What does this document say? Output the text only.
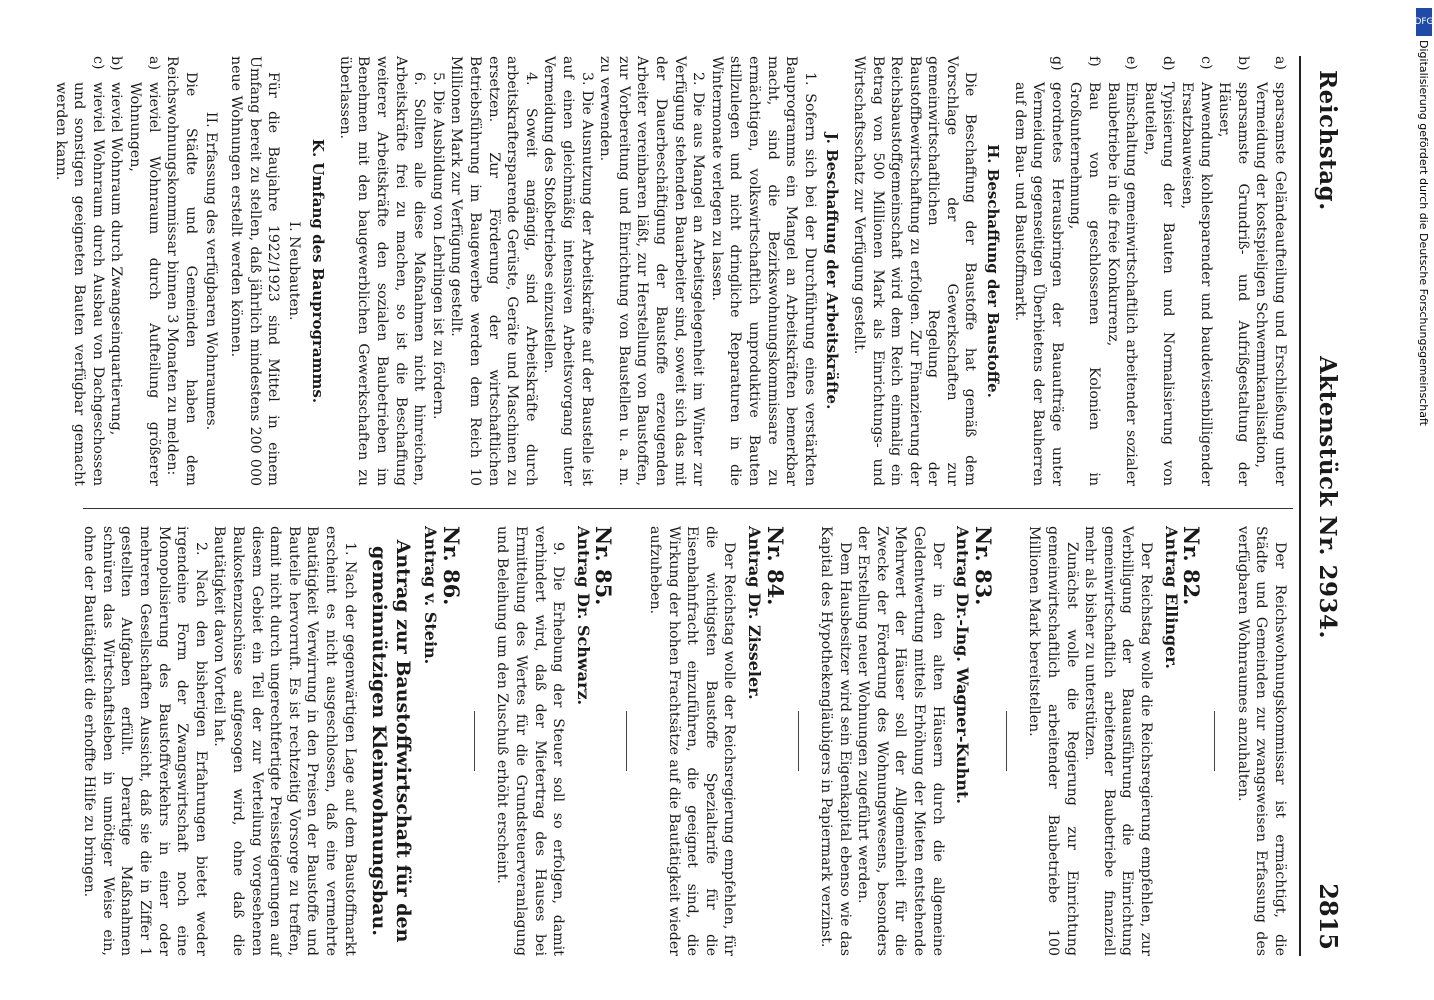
Reichstag.
Aktenstück Nr. 2934.
2815
a)
sparsamste Geländeaufteilung und Erschließung unter Vermeidung der kostspieligen Schwemmkanalisation,
b)
sparsamste Grundriß- und Aufrißgestaltung der Häuser,
c)
Anwendung kohlesparender und baudevisenbilligender Ersatzbauweisen,
d)
Typisierung der Bauten und Normalisierung von Bauteilen,
e)
Einschaltung gemeinwirtschaftlich arbeitender sozialer Baubetriebe in die freie Konkurrenz,
f)
Bau von geschlossenen Kolonien in Großunternehmung,
g)
geordnetes Herausbringen der Bauaufträge unter Vermeidung gegenseitigen Überbietens der Bauherren auf dem Bau- und Baustoffmarkt.
H. Beschaffung der Baustoffe.

Die Beschaffung der Baustoffe hat gemäß dem Vorschlage der Gewerkschaften zur gemeinwirtschaftlichen Regelung der Baustoffbewirtschaftung zu erfolgen. Zur Finanzierung der Reichsbaustoffgemeinschaft wird dem Reich einmalig ein Betrag von 500 Millionen Mark als Einrichtungs- und Wirtschaftsschatz zur Verfügung gestellt.

J. Beschaffung der Arbeitskräfte.

1. Sofern sich bei der Durchführung eines verstärkten Bauprogramms ein Mangel an Arbeitskräften bemerkbar macht, sind die Bezirkswohnungskommissare zu ermächtigen, volkswirtschaftlich unproduktive Bauten stillzulegen und nicht dringliche Reparaturen in die Wintermonate verlegen zu lassen.

2. Die aus Mangel an Arbeitsgelegenheit im Winter zur Verfügung stehenden Bauarbeiter sind, soweit sich das mit der Dauerbeschäftigung der Baustoffe erzeugenden Arbeiter vereinbaren läßt, zur Herstellung von Baustoffen, zur Vorbereitung und Einrichtung von Baustellen u. a. m. zu verwenden.

3. Die Ausnutzung der Arbeitskräfte auf der Baustelle ist auf einen gleichmäßig intensiven Arbeitsvorgang unter Vermeidung des Stoßbetriebes einzustellen.

4. Soweit angängig, sind Arbeitskräfte durch arbeitskraftersparende Gerüste, Geräte und Maschinen zu ersetzen. Zur Förderung der wirtschaftlichen Betriebsführung im Baugewerbe werden dem Reich 10 Millionen Mark zur Verfügung gestellt.

5. Die Ausbildung von Lehrlingen ist zu fördern.

6. Sollten alle diese Maßnahmen nicht hinreichen, Arbeitskräfte frei zu machen, so ist die Beschaffung weiterer Arbeitskräfte den sozialen Baubetrieben im Benehmen mit den baugewerblichen Gewerkschaften zu überlassen.

K. Umfang des Bauprogramms.
I. Neubauten.

Für die Baujahre 1922/1923 sind Mittel in einem Umfang bereit zu stellen, daß jährlich mindestens 200 000 neue Wohnungen erstellt werden können.

II. Erfassung des verfügbaren Wohnraumes.

Die Städte und Gemeinden haben dem Reichswohnungskommissar binnen 3 Monaten zu melden:

a)
wieviel Wohnraum durch Aufteilung größerer Wohnungen,
b)
wieviel Wohnraum durch Zwangseinquartierung,
c)
wieviel Wohnraum durch Ausbau von Dachgeschossen und sonstigen geeigneten Bauten verfügbar gemacht werden kann.

Der Reichswohnungskommissar ist ermächtigt, die Städte und Gemeinden zur zwangsweisen Erfassung des verfügbaren Wohnraumes anzuhalten.

Nr. 82.
Antrag Ellinger.

Der Reichstag wolle die Reichsregierung empfehlen, zur Verbilligung der Bauausführung die Einrichtung gemeinwirtschaftlich arbeitender Baubetriebe finanziell mehr als bisher zu unterstützen.

Zunächst wolle die Regierung zur Einrichtung gemeinwirtschaftlich arbeitender Baubetriebe 100 Millionen Mark bereitstellen.

Nr. 83.
Antrag Dr.-Ing. Wagner-Kuhnt.

Der in den alten Häusern durch die allgemeine Geldentwertung mittels Erhöhung der Mieten entstehende Mehrwert der Häuser soll der Allgemeinheit für die Zwecke der Förderung des Wohnungswesens, besonders der Erstellung neuer Wohnungen zugeführt werden.

Dem Hausbesitzer wird sein Eigenkapital ebenso wie das Kapital des Hypothekengläubigers in Papiermark verzinst.

Nr. 84.
Antrag Dr. Zisseler.

Der Reichstag wolle der Reichsregierung empfehlen, für die wichtigsten Baustoffe Spezialtarife für die Eisenbahnfracht einzuführen, die geeignet sind, die Wirkung der hohen Frachtsätze auf die Bautätigkeit wieder aufzuheben.

Nr. 85.
Antrag Dr. Schwarz.

9. Die Erhebung der Steuer soll so erfolgen, damit verhindert wird, daß der Mietertrag des Hauses bei Ermittelung des Wertes für die Grundsteuerveranlagung und Beleihung um den Zuschuß erhöht erscheint.

Nr. 86.
Antrag v. Stein.
Antrag zur Baustoffwirtschaft für den gemeinnützigen Kleinwohnungsbau.

1. Nach der gegenwärtigen Lage auf dem Baustoffmarkt erscheint es nicht ausgeschlossen, daß eine vermehrte Bautätigkeit Verwirrung in den Preisen der Baustoffe und Bauteile hervorruft. Es ist rechtzeitig Vorsorge zu treffen, damit nicht durch ungerechtfertigte Preissteigerungen auf diesem Gebiet ein Teil der zur Verteilung vorgesehenen Baukostenzuschüsse aufgesogen wird, ohne daß die Bautätigkeit davon Vorteil hat.

2. Nach den bisherigen Erfahrungen bietet weder irgendeine Form der Zwangswirtschaft noch eine Monopolisierung des Baustoffverkehrs in einer oder mehreren Gesellschaften Aussicht, daß sie die in Ziffer 1 gestellten Aufgaben erfüllt. Derartige Maßnahmen schnüren das Wirtschaftsleben in unnötiger Weise ein, ohne der Bautätigkeit die erhoffte Hilfe zu bringen.

DFG
Digitalisierung gefördert durch die Deutsche Forschungsgemeinschaft
